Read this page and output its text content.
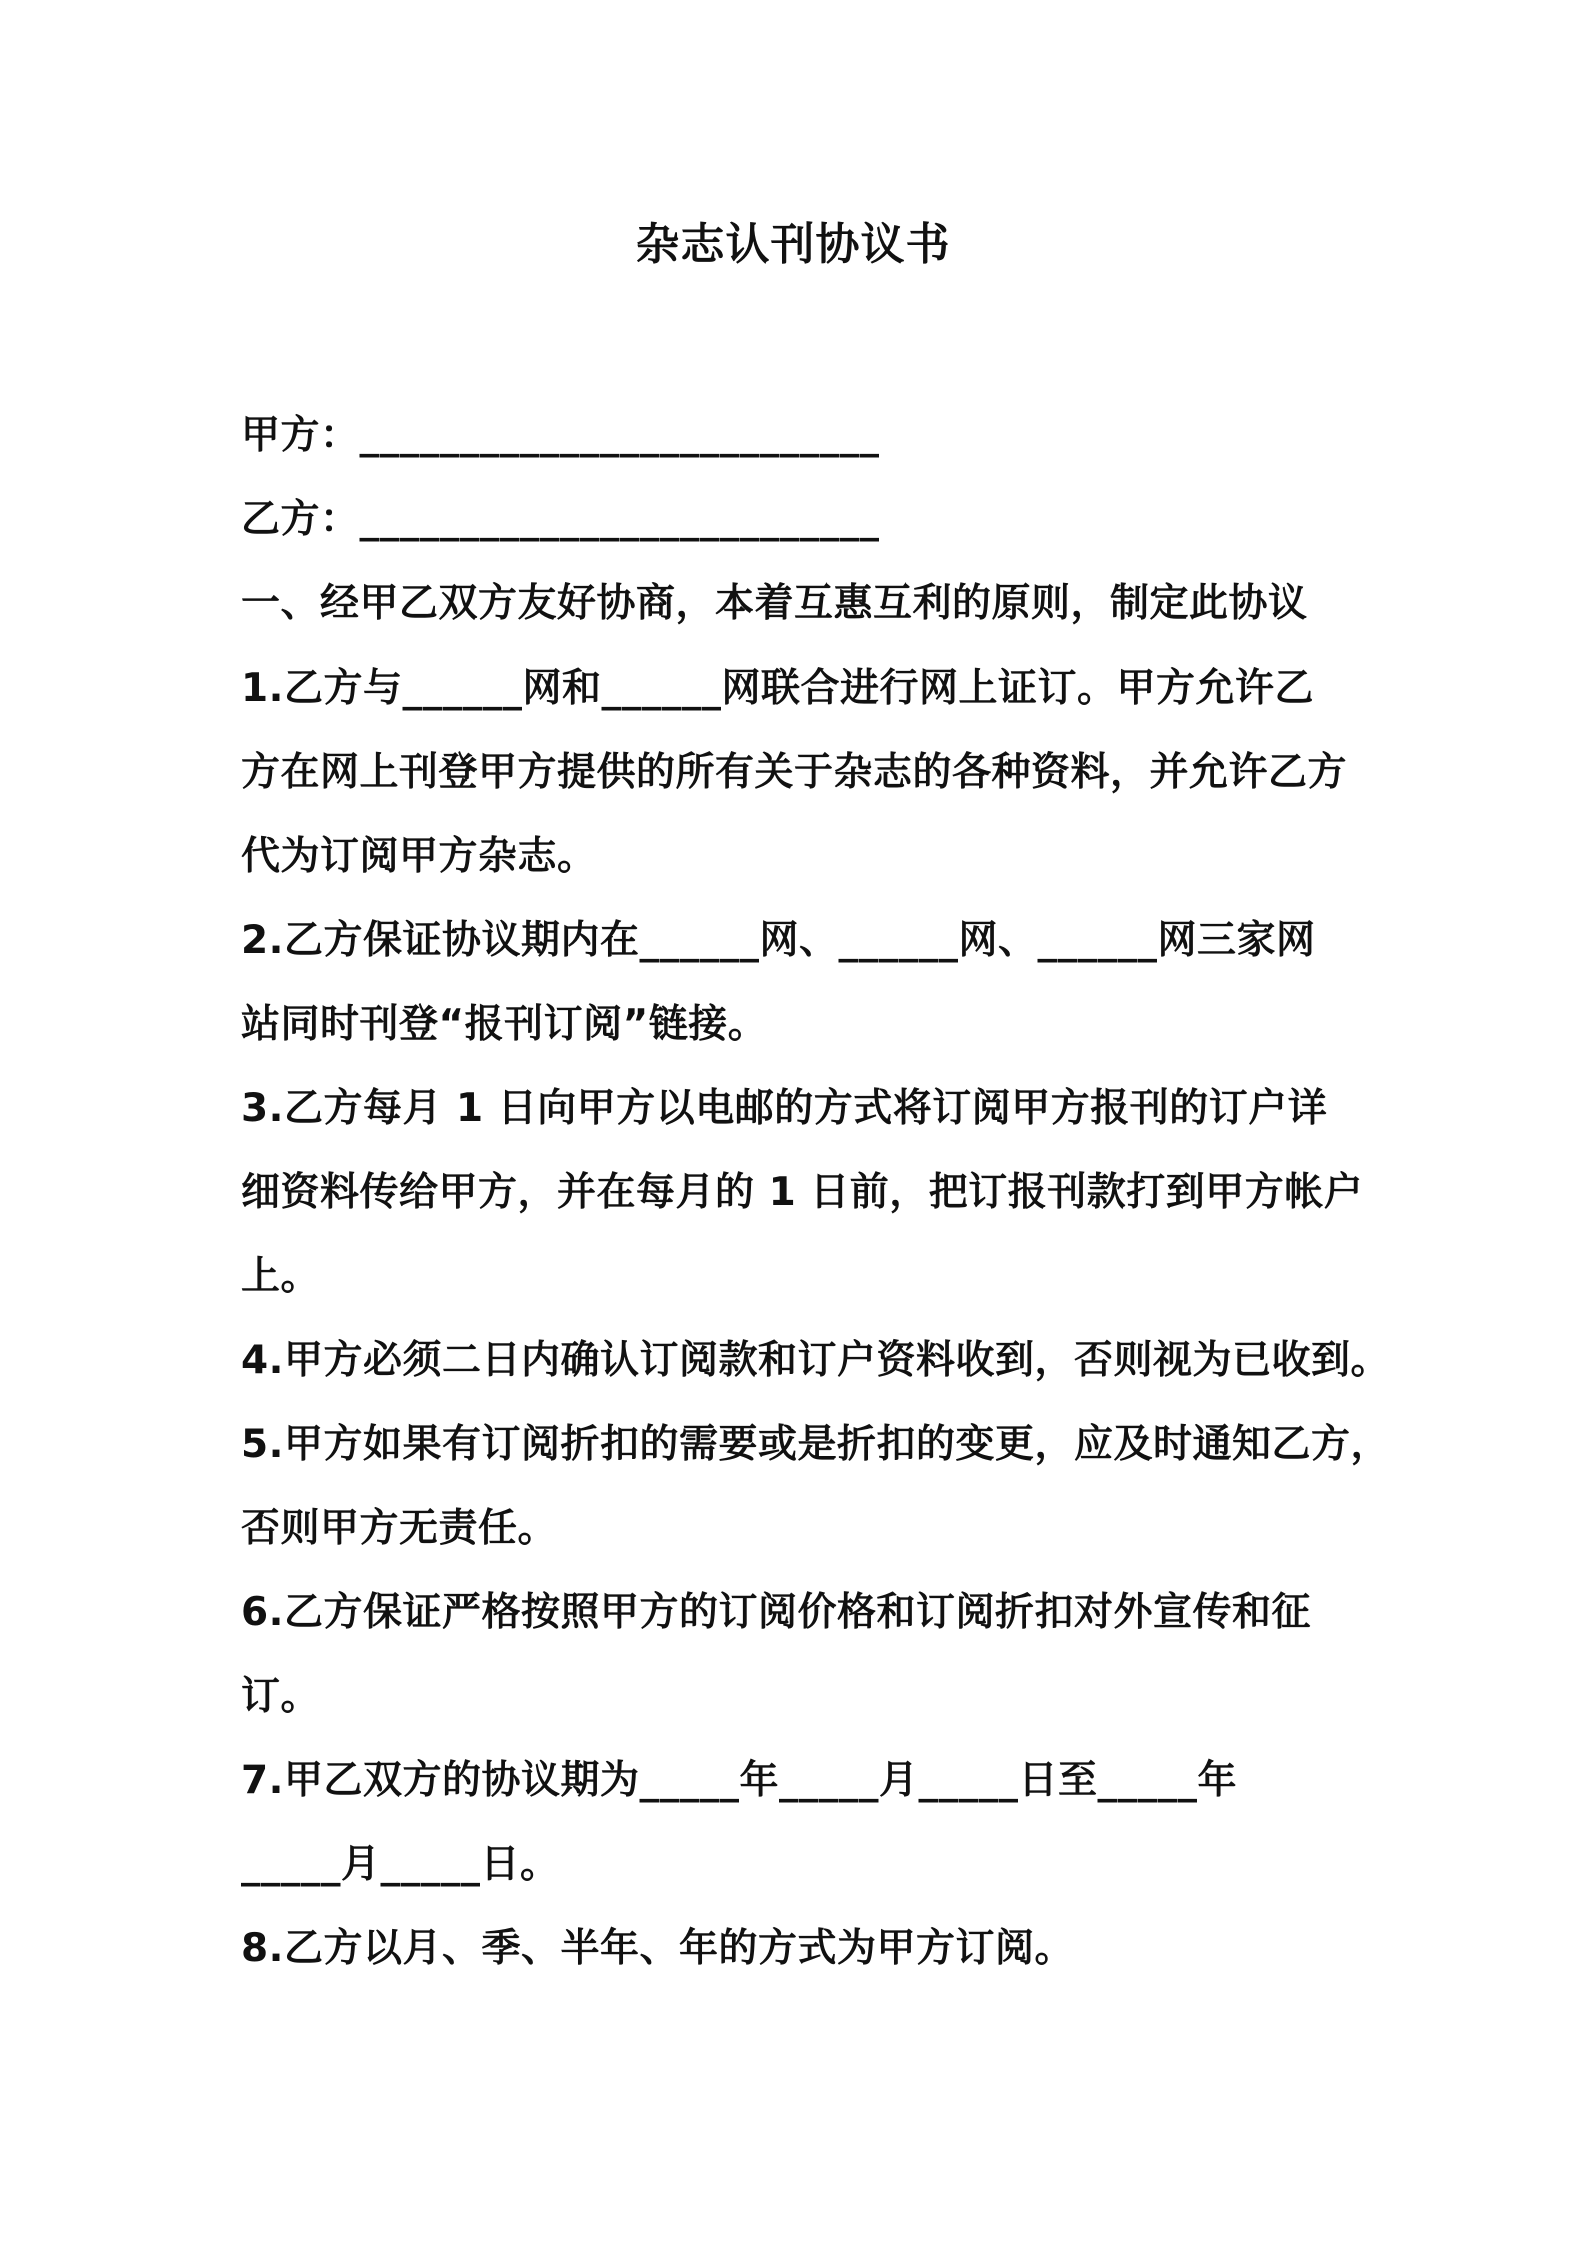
杂志认刊协议书
甲方：__________________________
乙方：__________________________
一、经甲乙双方友好协商，本着互惠互利的原则，制定此协议
1.乙方与______网和______网联合进行网上证订。甲方允许乙
方在网上刊登甲方提供的所有关于杂志的各种资料，并允许乙方
代为订阅甲方杂志。
2.乙方保证协议期内在______网、______网、______网三家网
站同时刊登“报刊订阅”链接。
3.乙方每月 1 日向甲方以电邮的方式将订阅甲方报刊的订户详
细资料传给甲方，并在每月的 1 日前，把订报刊款打到甲方帐户
上。
4.甲方必须二日内确认订阅款和订户资料收到，否则视为已收到。
5.甲方如果有订阅折扣的需要或是折扣的变更，应及时通知乙方，
否则甲方无责任。
6.乙方保证严格按照甲方的订阅价格和订阅折扣对外宣传和征
订。
7.甲乙双方的协议期为_____年_____月_____日至_____年
_____月_____日。
8.乙方以月、季、半年、年的方式为甲方订阅。
